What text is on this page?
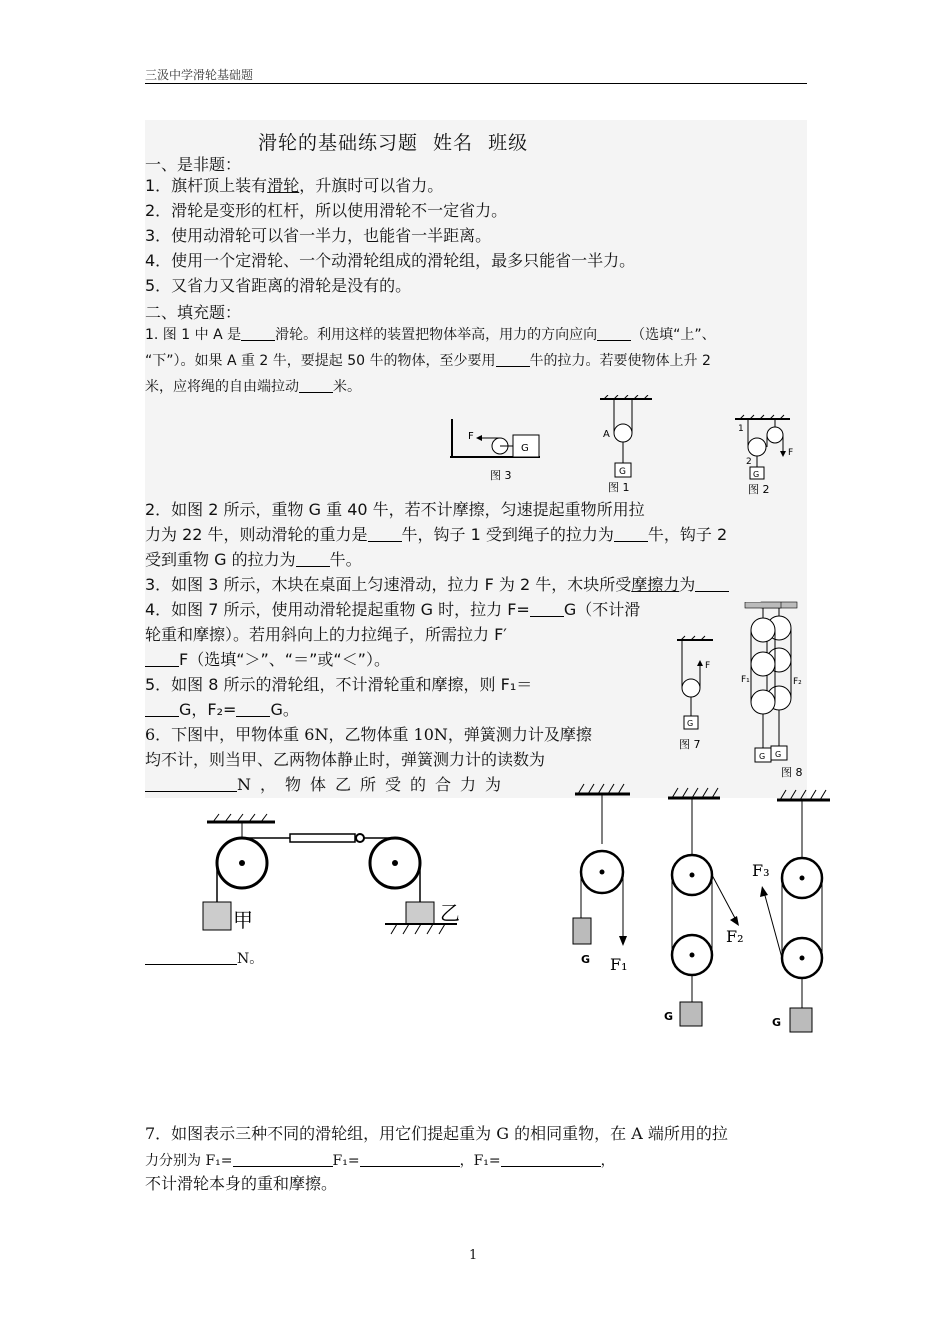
三汲中学滑轮基础题
滑轮的基础练习题 姓名 班级
一、是非题：
1．旗杆顶上装有滑轮，升旗时可以省力。
2．滑轮是变形的杠杆，所以使用滑轮不一定省力。
3．使用动滑轮可以省一半力，也能省一半距离。
4．使用一个定滑轮、一个动滑轮组成的滑轮组，最多只能省一半力。
5．又省力又省距离的滑轮是没有的。
二、填充题：
1. 图 1 中 A 是 滑轮。利用这样的装置把物体举高，用力的方向应向 （选填“上”、
“下”）。如果 A 重 2 牛，要提起 50 牛的物体，至少要用 牛的拉力。若要使物体上升 2
米，应将绳的自由端拉动 米。
G
F
图 3	G
A
图 1
F
G
1
2
图 2
2．如图 2 所示，重物 G 重 40 牛，若不计摩擦，匀速提起重物所用拉
力为 22 牛，则动滑轮的重力是 牛，钩子 1 受到绳子的拉力为 牛，钩子 2
受到重物 G 的拉力为 牛。
3．如图 3 所示，木块在桌面上匀速滑动，拉力 F 为 2 牛，木块所受摩擦力为
4．如图 7 所示，使用动滑轮提起重物 G 时，拉力 F= G（不计滑
轮重和摩擦）。若用斜向上的力拉绳子，所需拉力 F′
F（选填“＞”、“＝”或“＜”）。
5．如图 8 所示的滑轮组，不计滑轮重和摩擦，则 F₁＝
G，F₂= G。
6．下图中，甲物体重 6N，乙物体重 10N，弹簧测力计及摩擦
均不计，则当甲、乙两物体静止时，弹簧测力计的读数为
N，物体乙所受的合力为
N。
F
G
图 7
G
F₂
图 8
G
F₁
甲	乙
G F₁
F₂
G
F₃
G
7．如图表示三种不同的滑轮组，用它们提起重为 G 的相同重物，在 A 端所用的拉
力分别为 F₁=	F₁=	，F₁=	，
不计滑轮本身的重和摩擦。
1
